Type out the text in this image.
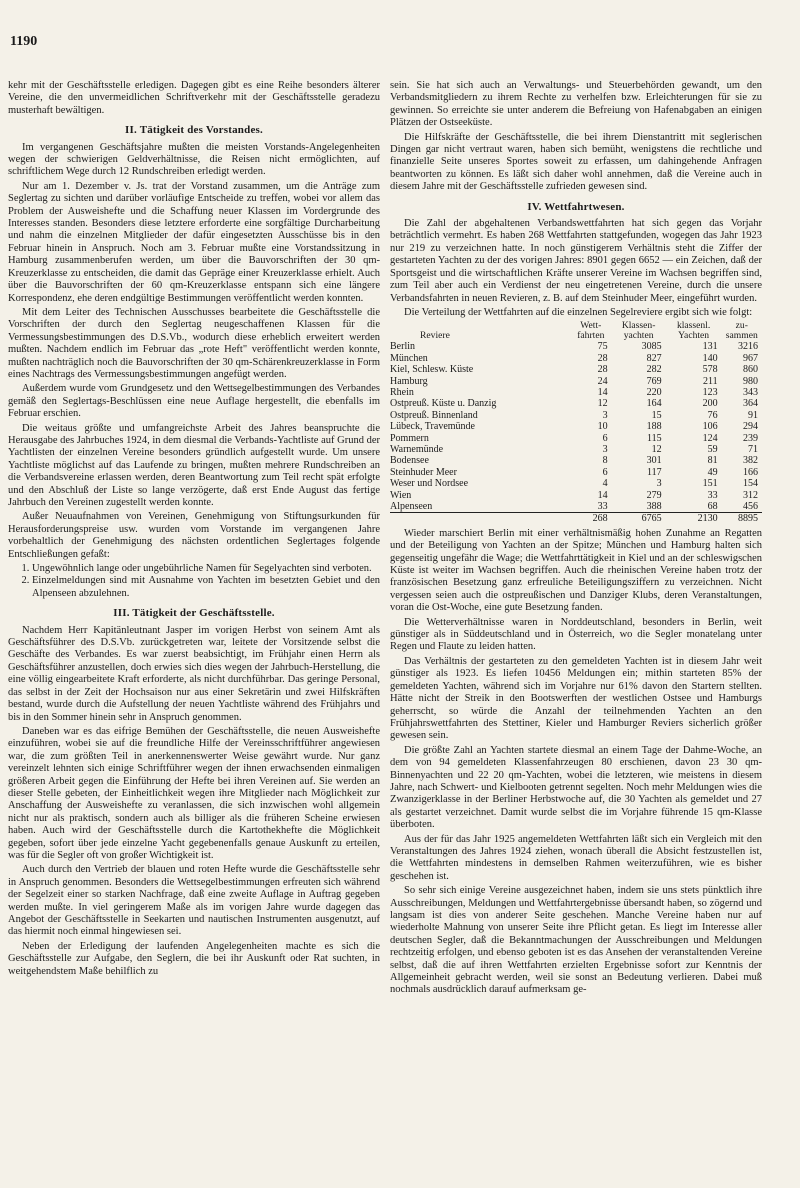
1190

kehr mit der Geschäftsstelle erledigen. Dagegen gibt es eine Reihe besonders älterer Vereine, die den unvermeidlichen Schriftverkehr mit der Geschäftsstelle geradezu musterhaft bewältigen.

II. Tätigkeit des Vorstandes.

Im vergangenen Geschäftsjahre mußten die meisten Vorstands-Angelegenheiten wegen der schwierigen Geldverhältnisse, die Reisen nicht ermöglichten, auf schriftlichem Wege durch 12 Rundschreiben erledigt werden.

Nur am 1. Dezember v. Js. trat der Vorstand zusammen, um die Anträge zum Seglertag zu sichten und darüber vorläufige Entscheide zu treffen, wobei vor allem das Problem der Ausweishefte und die Schaffung neuer Klassen im Vordergrunde des Interesses standen. Besonders diese letztere erforderte eine sorgfältige Durcharbeitung und nahm die einzelnen Mitglieder der dafür eingesetzten Ausschüsse bis in den Februar hinein in Anspruch. Noch am 3. Februar mußte eine Vorstandssitzung in Hamburg zusammenberufen werden, um über die Bauvorschriften der 30 qm-Kreuzerklasse zu entscheiden, die damit das Gepräge einer Kreuzerklasse erhielt. Auch über die Bauvorschriften der 60 qm-Kreuzerklasse entspann sich eine längere Korrespondenz, ehe deren endgültige Bestimmungen veröffentlicht werden konnten.

Mit dem Leiter des Technischen Ausschusses bearbeitete die Geschäftsstelle die Vorschriften der durch den Seglertag neugeschaffenen Klassen für die Vermessungsbestimmungen des D.S.Vb., wodurch diese erheblich erweitert werden mußten. Nachdem endlich im Februar das „rote Heft" veröffentlicht werden konnte, mußten nachträglich noch die Bauvorschriften der 30 qm-Schärenkreuzerklasse in Form eines Nachtrags des Vermessungsbestimmungen angefügt werden.

Außerdem wurde vom Grundgesetz und den Wettsegelbestimmungen des Verbandes gemäß den Seglertags-Beschlüssen eine neue Auflage hergestellt, die ebenfalls im Februar erschien.

Die weitaus größte und umfangreichste Arbeit des Jahres beanspruchte die Herausgabe des Jahrbuches 1924, in dem diesmal die Verbands-Yachtliste auf Grund der Yachtlisten der einzelnen Vereine besonders gründlich aufgestellt wurde. Um unsere Yachtliste möglichst auf das Laufende zu bringen, mußten mehrere Rundschreiben an die Verbandsvereine erlassen werden, deren Beantwortung zum Teil recht spät erfolgte und den Abschluß der Liste so lange verzögerte, daß erst Ende August das fertige Jahrbuch den Vereinen zugestellt werden konnte.

Außer Neuaufnahmen von Vereinen, Genehmigung von Stiftungsurkunden für Herausforderungspreise usw. wurden vom Vorstande im vergangenen Jahre vorbehaltlich der Genehmigung des nächsten ordentlichen Seglertages folgende Entschließungen gefaßt:

1. Ungewöhnlich lange oder ungebührliche Namen für Segelyachten sind verboten.
2. Einzelmeldungen sind mit Ausnahme von Yachten im besetzten Gebiet und den Alpenseen abzulehnen.
III. Tätigkeit der Geschäftsstelle.

Nachdem Herr Kapitänleutnant Jasper im vorigen Herbst von seinem Amt als Geschäftsführer des D.S.Vb. zurückgetreten war, leitete der Vorsitzende selbst die Geschäfte des Verbandes. Es war zuerst beabsichtigt, im Frühjahr einen Herrn als Geschäftsführer anzustellen, doch erwies sich dies wegen der Jahrbuch-Herstellung, die eine völlig eingearbeitete Kraft erforderte, als nicht durchführbar. Das geringe Personal, das selbst in der Zeit der Hochsaison nur aus einer Sekretärin und zwei Hilfskräften bestand, wurde durch die Aufstellung der neuen Yachtliste während des Frühjahrs und bis in den Sommer hinein sehr in Anspruch genommen.

Daneben war es das eifrige Bemühen der Geschäftsstelle, die neuen Ausweishefte einzuführen, wobei sie auf die freundliche Hilfe der Vereinsschriftführer angewiesen war, die zum größten Teil in anerkennenswerter Weise gewährt wurde. Nur ganz vereinzelt lehnten sich einige Schriftführer wegen der ihnen erwachsenden einmaligen größeren Arbeit gegen die Einführung der Hefte bei ihren Vereinen auf. Sie werden an dieser Stelle gebeten, der Einheitlichkeit wegen ihre Mitglieder nach Möglichkeit zur Anschaffung der Ausweishefte zu veranlassen, die sich inzwischen wohl allgemein nicht nur als praktisch, sondern auch als billiger als die früheren Scheine erwiesen haben. Auch wird der Geschäftsstelle durch die Kartothekhefte die Möglichkeit gegeben, sofort über jede einzelne Yacht gegebenenfalls genaue Auskunft zu erteilen, was für die Segler oft von großer Wichtigkeit ist.

Auch durch den Vertrieb der blauen und roten Hefte wurde die Geschäftsstelle sehr in Anspruch genommen. Besonders die Wettsegelbestimmungen erfreuten sich während der Segelzeit einer so starken Nachfrage, daß eine zweite Auflage in Auftrag gegeben werden mußte. In viel geringerem Maße als im vorigen Jahre wurde dagegen das Angebot der Geschäftsstelle in Seekarten und nautischen Instrumenten ausgenutzt, auf das hiermit noch einmal hingewiesen sei.

Neben der Erledigung der laufenden Angelegenheiten machte es sich die Geschäftsstelle zur Aufgabe, den Seglern, die bei ihr Auskunft oder Rat suchten, in weitgehendstem Maße behilflich zu

sein. Sie hat sich auch an Verwaltungs- und Steuerbehörden gewandt, um den Verbandsmitgliedern zu ihrem Rechte zu verhelfen bzw. Erleichterungen für sie zu gewinnen. So erreichte sie unter anderem die Befreiung von Hafenabgaben an einigen Plätzen der Ostseeküste.

Die Hilfskräfte der Geschäftsstelle, die bei ihrem Dienstantritt mit seglerischen Dingen gar nicht vertraut waren, haben sich bemüht, wenigstens die rechtliche und finanzielle Seite unseres Sportes soweit zu erfassen, um dahingehende Anfragen beantworten zu können. Es läßt sich daher wohl annehmen, daß die Vereine auch in diesem Jahre mit der Geschäftsstelle zufrieden gewesen sind.

IV. Wettfahrtwesen.

Die Zahl der abgehaltenen Verbandswettfahrten hat sich gegen das Vorjahr beträchtlich vermehrt. Es haben 268 Wettfahrten stattgefunden, wogegen das Jahr 1923 nur 219 zu verzeichnen hatte. In noch günstigerem Verhältnis steht die Ziffer der gestarteten Yachten zu der des vorigen Jahres: 8901 gegen 6652 — ein Zeichen, daß der Sportsgeist und die wirtschaftlichen Kräfte unserer Vereine im Wachsen begriffen sind, zum Teil aber auch ein Verdienst der neu eingetretenen Vereine, durch die unsere Verbandsfahrten in neuen Revieren, z. B. auf dem Steinhuder Meer, eingeführt wurden.

Die Verteilung der Wettfahrten auf die einzelnen Segelreviere ergibt sich wie folgt:

Reviere	Wett-fahrten	Klassen-yachten	klassenl. Yachten	zu-sammen
Berlin	75	3085	131	3216
München	28	827	140	967
Kiel, Schlesw. Küste	28	282	578	860
Hamburg	24	769	211	980
Rhein	14	220	123	343
Ostpreuß. Küste u. Danzig	12	164	200	364
Ostpreuß. Binnenland	3	15	76	91
Lübeck, Travemünde	10	188	106	294
Pommern	6	115	124	239
Warnemünde	3	12	59	71
Bodensee	8	301	81	382
Steinhuder Meer	6	117	49	166
Weser und Nordsee	4	3	151	154
Wien	14	279	33	312
Alpenseen	33	388	68	456
	268	6765	2130	8895

Wieder marschiert Berlin mit einer verhältnismäßig hohen Zunahme an Regatten und der Beteiligung von Yachten an der Spitze; München und Hamburg halten sich gegenseitig ungefähr die Wage; die Wettfahrttätigkeit in Kiel und an der schleswigschen Küste ist weiter im Wachsen begriffen. Auch die rheinischen Vereine haben trotz der französischen Besetzung ganz erfreuliche Beteiligungsziffern zu verzeichnen. Nicht vergessen seien auch die ostpreußischen und Danziger Klubs, deren Veranstaltungen, voran die Ost-Woche, eine gute Besetzung fanden.

Die Wetterverhältnisse waren in Norddeutschland, besonders in Berlin, weit günstiger als in Süddeutschland und in Österreich, wo die Segler monatelang unter Regen und Flaute zu leiden hatten.

Das Verhältnis der gestarteten zu den gemeldeten Yachten ist in diesem Jahr weit günstiger als 1923. Es liefen 10456 Meldungen ein; mithin starteten 85% der gemeldeten Yachten, während sich im Vorjahre nur 61% davon den Startern stellten. Hätte nicht der Streik in den Bootswerften der westlichen Ostsee und Hamburgs geherrscht, so würde die Anzahl der teilnehmenden Yachten an den Frühjahrswettfahrten des Stettiner, Kieler und Hamburger Reviers sicherlich größer gewesen sein.

Die größte Zahl an Yachten startete diesmal an einem Tage der Dahme-Woche, an dem von 94 gemeldeten Klassenfahrzeugen 80 erschienen, davon 23 30 qm-Binnenyachten und 22 20 qm-Yachten, wobei die letzteren, wie meistens in diesem Jahre, nach Schwert- und Kielbooten getrennt segelten. Noch mehr Meldungen wies die Zwanzigerklasse in der Berliner Herbstwoche auf, die 30 Yachten als gemeldet und 27 als gestartet verzeichnet. Damit wurde selbst die im Vorjahre führende 15 qm-Klasse überboten.

Aus der für das Jahr 1925 angemeldeten Wettfahrten läßt sich ein Vergleich mit den Veranstaltungen des Jahres 1924 ziehen, wonach überall die Absicht festzustellen ist, die Wettfahrten mindestens in demselben Rahmen weiterzuführen, wie es bisher geschehen ist.

So sehr sich einige Vereine ausgezeichnet haben, indem sie uns stets pünktlich ihre Ausschreibungen, Meldungen und Wettfahrtergebnisse übersandt haben, so zögernd und langsam ist dies von anderer Seite geschehen. Manche Vereine haben nur auf wiederholte Mahnung von unserer Seite ihre Pflicht getan. Es liegt im Interesse aller deutschen Segler, daß die Bekanntmachungen der Ausschreibungen und Meldungen rechtzeitig erfolgen, und ebenso geboten ist es das Ansehen der veranstaltenden Vereine selbst, daß die auf ihren Wettfahrten erzielten Ergebnisse sofort zur Kenntnis der Allgemeinheit gebracht werden, weil sie sonst an Bedeutung verlieren. Dabei muß nochmals ausdrücklich darauf aufmerksam ge-
